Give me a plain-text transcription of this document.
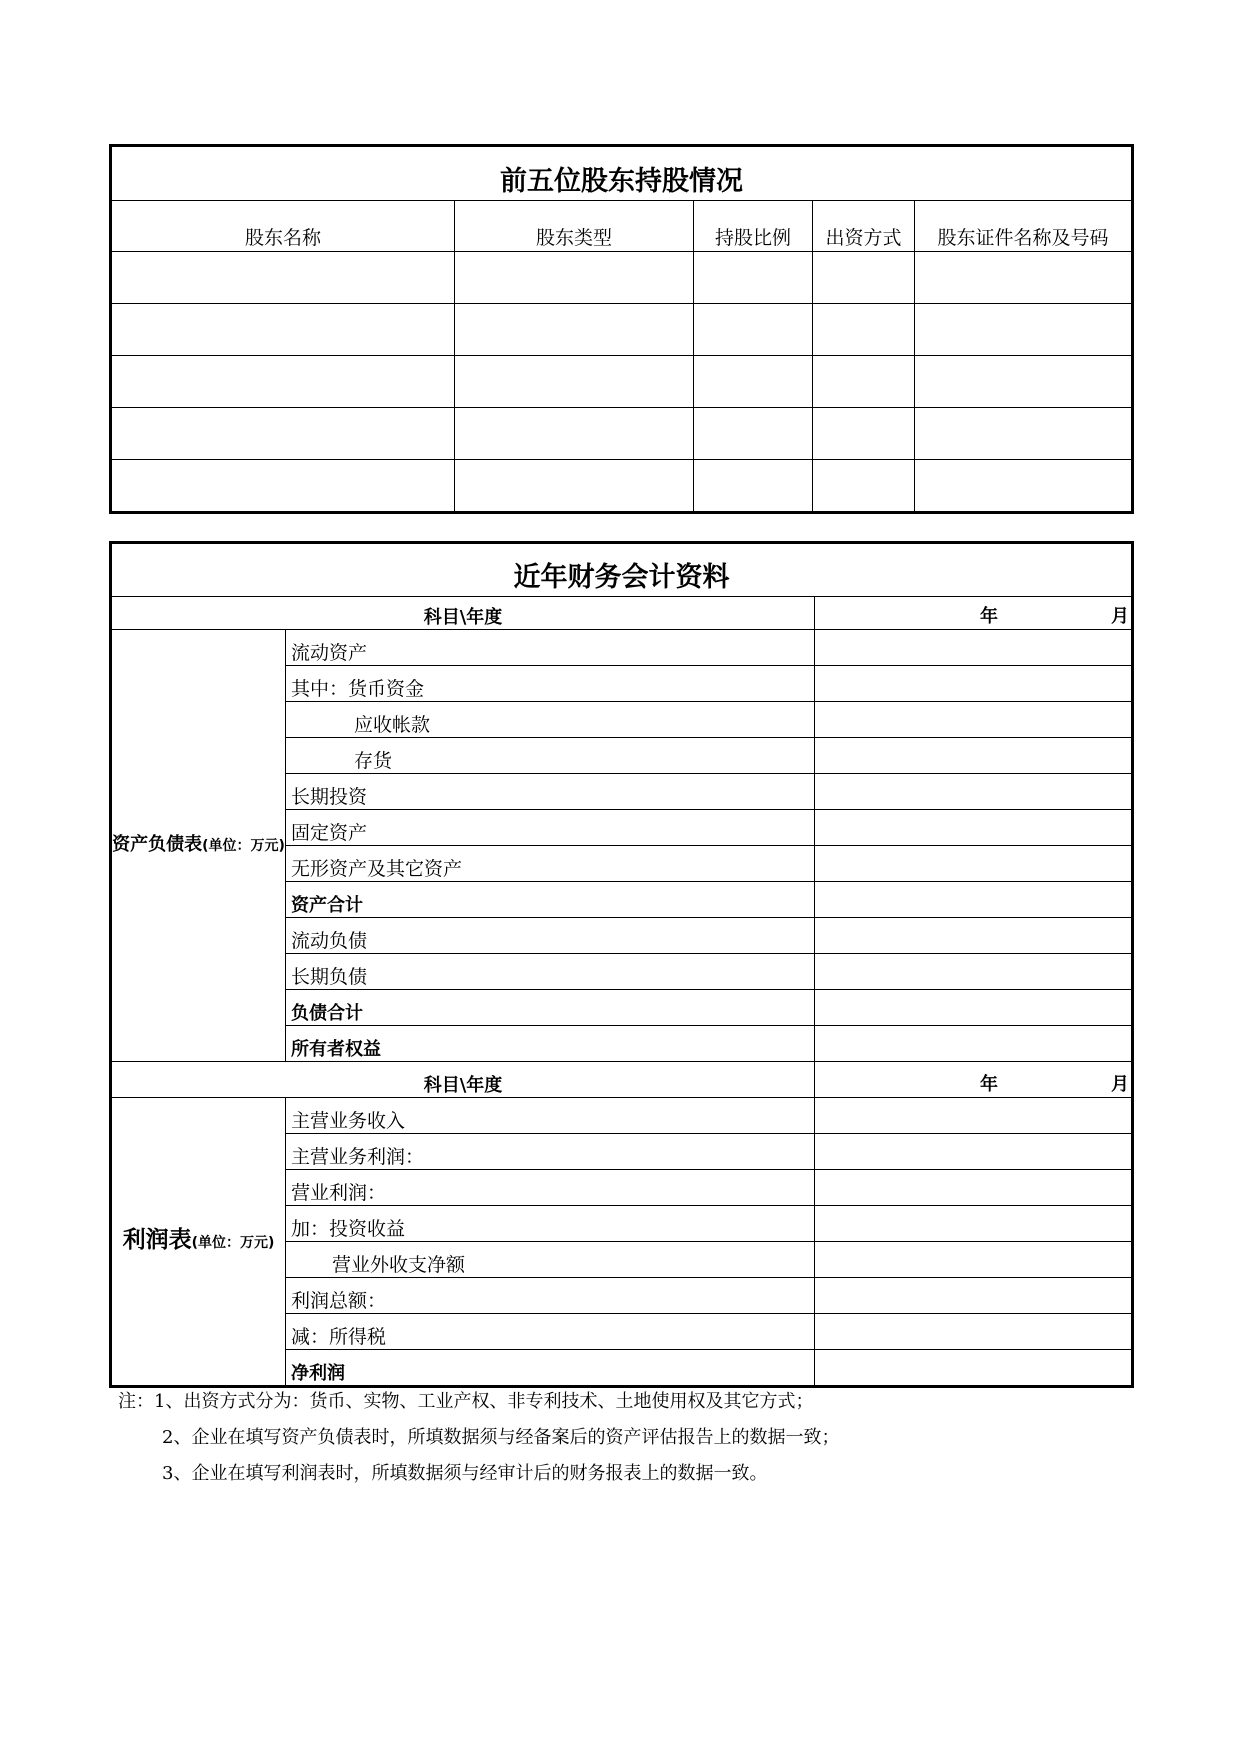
前五位股东持股情况				
股东名称	股东类型	持股比例	出资方式	股东证件名称及号码

近年财务会计资料		
科目\年度		年 月

资产负债表(单位：万元)	流动资产	
	其中：货币资金	
	应收帐款	
	存货	
	长期投资	
	固定资产	
	无形资产及其它资产	
	资产合计	
	流动负债	
	长期负债	
	负债合计	
	所有者权益	
科目\年度		年 月

利润表(单位：万元)	主营业务收入	
	主营业务利润：	
	营业利润：	
	加：投资收益	
	营业外收支净额	
	利润总额：	
	减：所得税	
	净利润	
注：1、出资方式分为：货币、实物、工业产权、非专利技术、土地使用权及其它方式；
2、企业在填写资产负债表时，所填数据须与经备案后的资产评估报告上的数据一致；
3、企业在填写利润表时，所填数据须与经审计后的财务报表上的数据一致。
